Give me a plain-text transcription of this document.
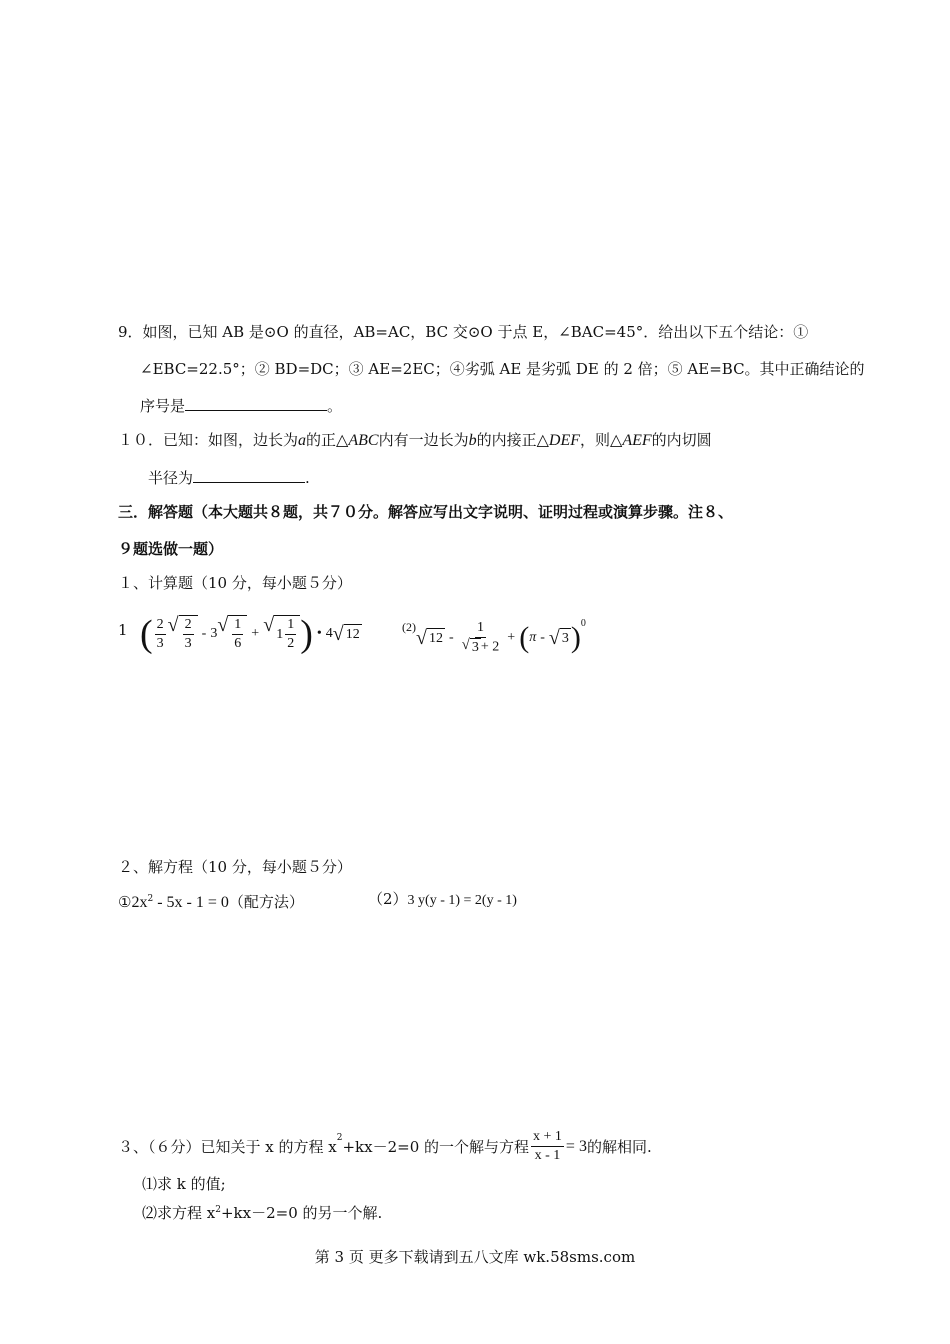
9．如图，已知 AB 是⊙O 的直径，AB=AC，BC 交⊙O 于点 E，∠BAC=45°．给出以下五个结论：①
∠EBC=22.5°；② BD=DC；③ AE=2EC；④劣弧 AE 是劣弧 DE 的 2 倍；⑤ AE=BC。其中正确结论的
序号是	。
１０．已知：如图，边长为a的正△ABC内有一边长为b的内接正△DEF，则△AEF的内切圆
半径为	.
三．解答题（本大题共８题，共７０分。解答应写出文字说明、证明过程或演算步骤。注８、
９题选做一题）
１、计算题（10 分，每小题５分）
1 ( $\frac{2}{3}$ √ $\frac{2}{3} - 3$ √ $\frac{1}{6}$ + √ $1 \frac{1}{2}$ ) • 4 √ 12	(2) √ $12 - \frac{1}{√ 3 + 2}$ + ( π - √ 3 ) 0
２、解方程（10 分，每小题５分）
$①2x^2 - 5x - 1 = 0$（配方法）	（2）3 y(y - 1) = 2(y - 1)
３、（６分）已知关于 x 的方程 $x^2 +kx-2=0$ 的一个解与方程 $\frac{x + 1}{x - 1} = 3$ 的解相同.
⑴求 k 的值;
⑵求方程 $x^2+kx-2=0$ 的另一个解.
第 3 页 更多下载请到五八文库 wk.58sms.com
